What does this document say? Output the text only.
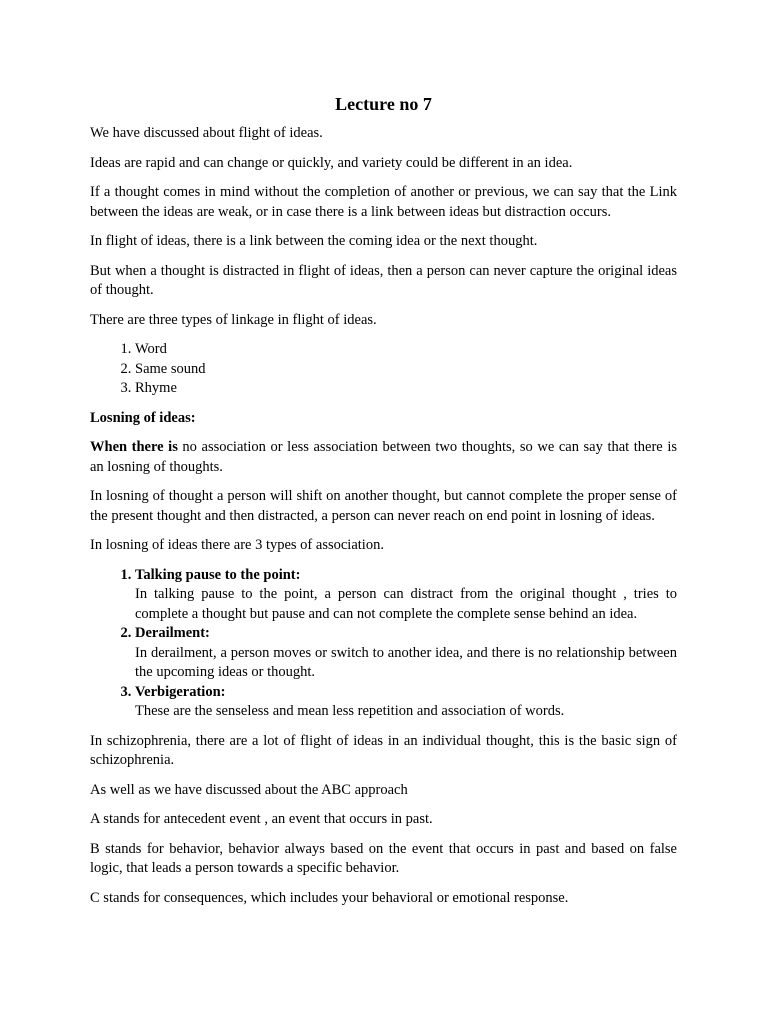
Lecture no 7

We have discussed about flight of ideas.

Ideas are rapid and can change or quickly, and variety could be different in an idea.

If a thought comes in mind without the completion of another or previous, we can say that the Link between the ideas are weak, or in case there is a link between ideas but distraction occurs.

In flight of ideas, there is a link between the coming idea or the next thought.

But when a thought is distracted in flight of ideas, then a person can never capture the original ideas of thought.

There are three types of linkage in flight of ideas.

1. Word
2. Same sound
3. Rhyme

Losning of ideas:

When there is no association or less association between two thoughts, so we can say that there is an losning of thoughts.

In losning of thought a person will shift on another thought, but cannot complete the proper sense of the present thought and then distracted, a person can never reach on end point in losning of ideas.

In losning of ideas there are 3 types of association.

1. Talking pause to the point:
In talking pause to the point, a person can distract from the original thought , tries to complete a thought but pause and can not complete the complete sense behind an idea.
2. Derailment:
In derailment, a person moves or switch to another idea, and there is no relationship between the upcoming ideas or thought.
3. Verbigeration:
These are the senseless and mean less repetition and association of words.

In schizophrenia, there are a lot of flight of ideas in an individual thought, this is the basic sign of schizophrenia.

As well as we have discussed about the ABC approach

A stands for antecedent event , an event that occurs in past.

B stands for behavior, behavior always based on the event that occurs in past and based on false logic, that leads a person towards a specific behavior.

C stands for consequences, which includes your behavioral or emotional response.
